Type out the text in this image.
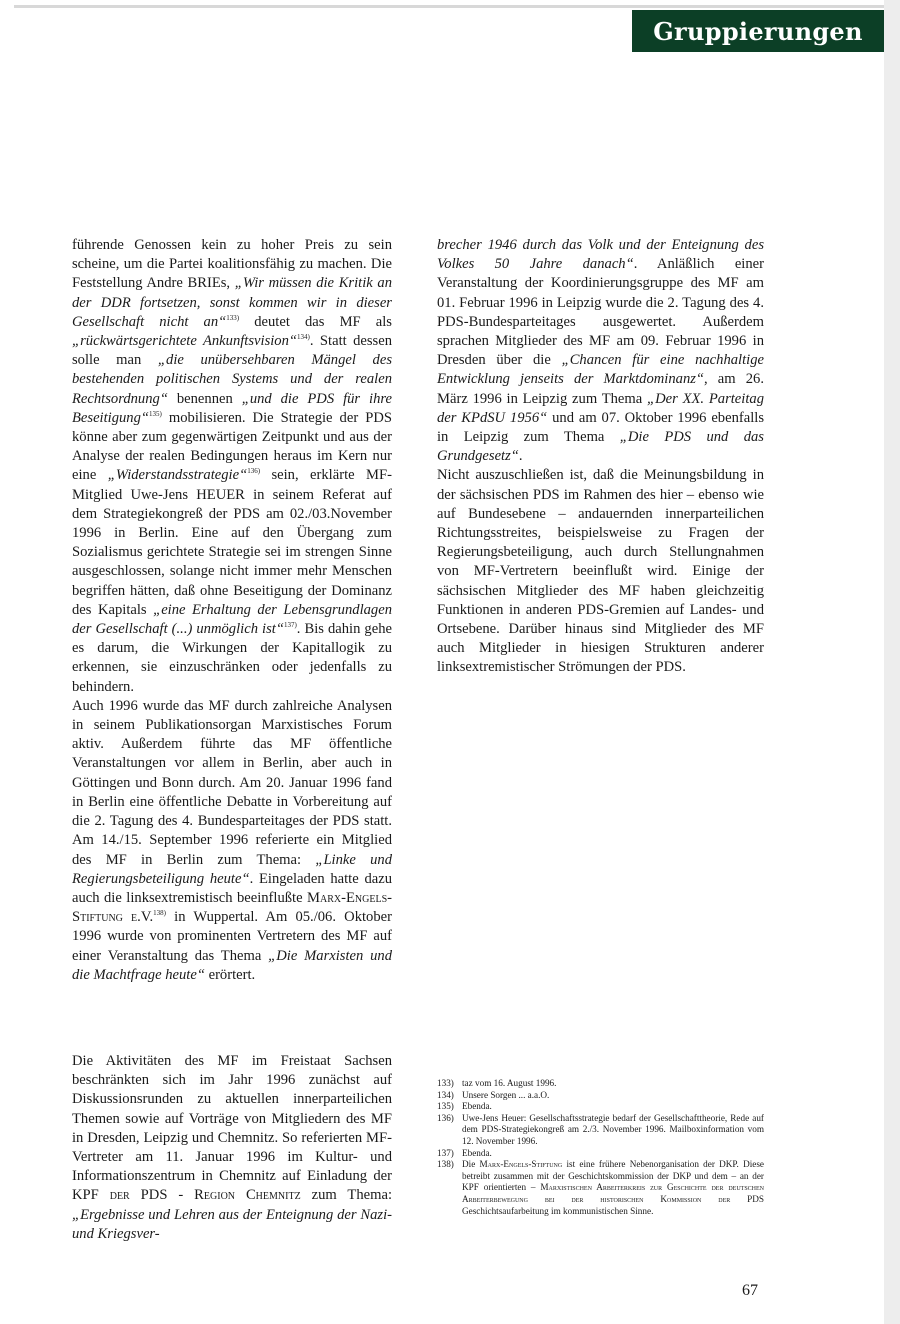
Gruppierungen

führende Genossen kein zu hoher Preis zu sein scheine, um die Partei koalitionsfähig zu machen. Die Feststellung Andre BRIEs, „Wir müssen die Kritik an der DDR fortsetzen, sonst kommen wir in dieser Gesellschaft nicht an“$^{133)}$ deutet das MF als „rückwärtsgerichtete Ankunftsvision“$^{134)}$. Statt dessen solle man „die unübersehbaren Mängel des bestehenden politischen Systems und der realen Rechtsordnung“ benennen „und die PDS für ihre Beseitigung“$^{135)}$ mobilisieren. Die Strategie der PDS könne aber zum gegenwärtigen Zeitpunkt und aus der Analyse der realen Bedingungen heraus im Kern nur eine „Widerstandsstrategie“$^{136)}$ sein, erklärte MF-Mitglied Uwe-Jens HEUER in seinem Referat auf dem Strategiekongreß der PDS am 02./03.November 1996 in Berlin. Eine auf den Übergang zum Sozialismus gerichtete Strategie sei im strengen Sinne ausgeschlossen, solange nicht immer mehr Menschen begriffen hätten, daß ohne Beseitigung der Dominanz des Kapitals „eine Erhaltung der Lebensgrundlagen der Gesellschaft (...) unmöglich ist“$^{137)}$. Bis dahin gehe es darum, die Wirkungen der Kapitallogik zu erkennen, sie einzuschränken oder jedenfalls zu behindern.

Auch 1996 wurde das MF durch zahlreiche Analysen in seinem Publikationsorgan Marxistisches Forum aktiv. Außerdem führte das MF öffentliche Veranstaltungen vor allem in Berlin, aber auch in Göttingen und Bonn durch. Am 20. Januar 1996 fand in Berlin eine öffentliche Debatte in Vorbereitung auf die 2. Tagung des 4. Bundesparteitages der PDS statt. Am 14./15. September 1996 referierte ein Mitglied des MF in Berlin zum Thema: „Linke und Regierungsbeteiligung heute“. Eingeladen hatte dazu auch die linksextremistisch beeinflußte Marx-Engels-Stiftung e.V.$^{138)}$ in Wuppertal. Am 05./06. Oktober 1996 wurde von prominenten Vertretern des MF auf einer Veranstaltung das Thema „Die Marxisten und die Machtfrage heute“ erörtert.

Die Aktivitäten des MF im Freistaat Sachsen beschränkten sich im Jahr 1996 zunächst auf Diskussionsrunden zu aktuellen innerparteilichen Themen sowie auf Vorträge von Mitgliedern des MF in Dresden, Leipzig und Chemnitz. So referierten MF-Vertreter am 11. Januar 1996 im Kultur- und Informationszentrum in Chemnitz auf Einladung der KPF der PDS - Region Chemnitz zum Thema: „Ergebnisse und Lehren aus der Enteignung der Nazi- und Kriegsver-

brecher 1946 durch das Volk und der Enteignung des Volkes 50 Jahre danach“. Anläßlich einer Veranstaltung der Koordinierungsgruppe des MF am 01. Februar 1996 in Leipzig wurde die 2. Tagung des 4. PDS-Bundesparteitages ausgewertet. Außerdem sprachen Mitglieder des MF am 09. Februar 1996 in Dresden über die „Chancen für eine nachhaltige Entwicklung jenseits der Marktdominanz“, am 26. März 1996 in Leipzig zum Thema „Der XX. Parteitag der KPdSU 1956“ und am 07. Oktober 1996 ebenfalls in Leipzig zum Thema „Die PDS und das Grundgesetz“.

Nicht auszuschließen ist, daß die Meinungsbildung in der sächsischen PDS im Rahmen des hier – ebenso wie auf Bundesebene – andauernden innerparteilichen Richtungsstreites, beispielsweise zu Fragen der Regierungsbeteiligung, auch durch Stellungnahmen von MF-Vertretern beeinflußt wird. Einige der sächsischen Mitglieder des MF haben gleichzeitig Funktionen in anderen PDS-Gremien auf Landes- und Ortsebene. Darüber hinaus sind Mitglieder des MF auch Mitglieder in hiesigen Strukturen anderer linksextremistischer Strömungen der PDS.

133) taz vom 16. August 1996.
134) Unsere Sorgen ... a.a.O.
135) Ebenda.
136) Uwe-Jens Heuer: Gesellschaftsstrategie bedarf der Gesellschafttheorie, Rede auf dem PDS-Strategiekongreß am 2./3. November 1996. Mailboxinformation vom 12. November 1996.
137) Ebenda.
138) Die Marx-Engels-Stiftung ist eine frühere Nebenorganisation der DKP. Diese betreibt zusammen mit der Geschichtskommission der DKP und dem – an der KPF orientierten – Marxistischen Arbeiterkreis zur Geschichte der deutschen Arbeiterbewegung bei der historischen Kommission der PDS Geschichtsaufarbeitung im kommunistischen Sinne.
67
